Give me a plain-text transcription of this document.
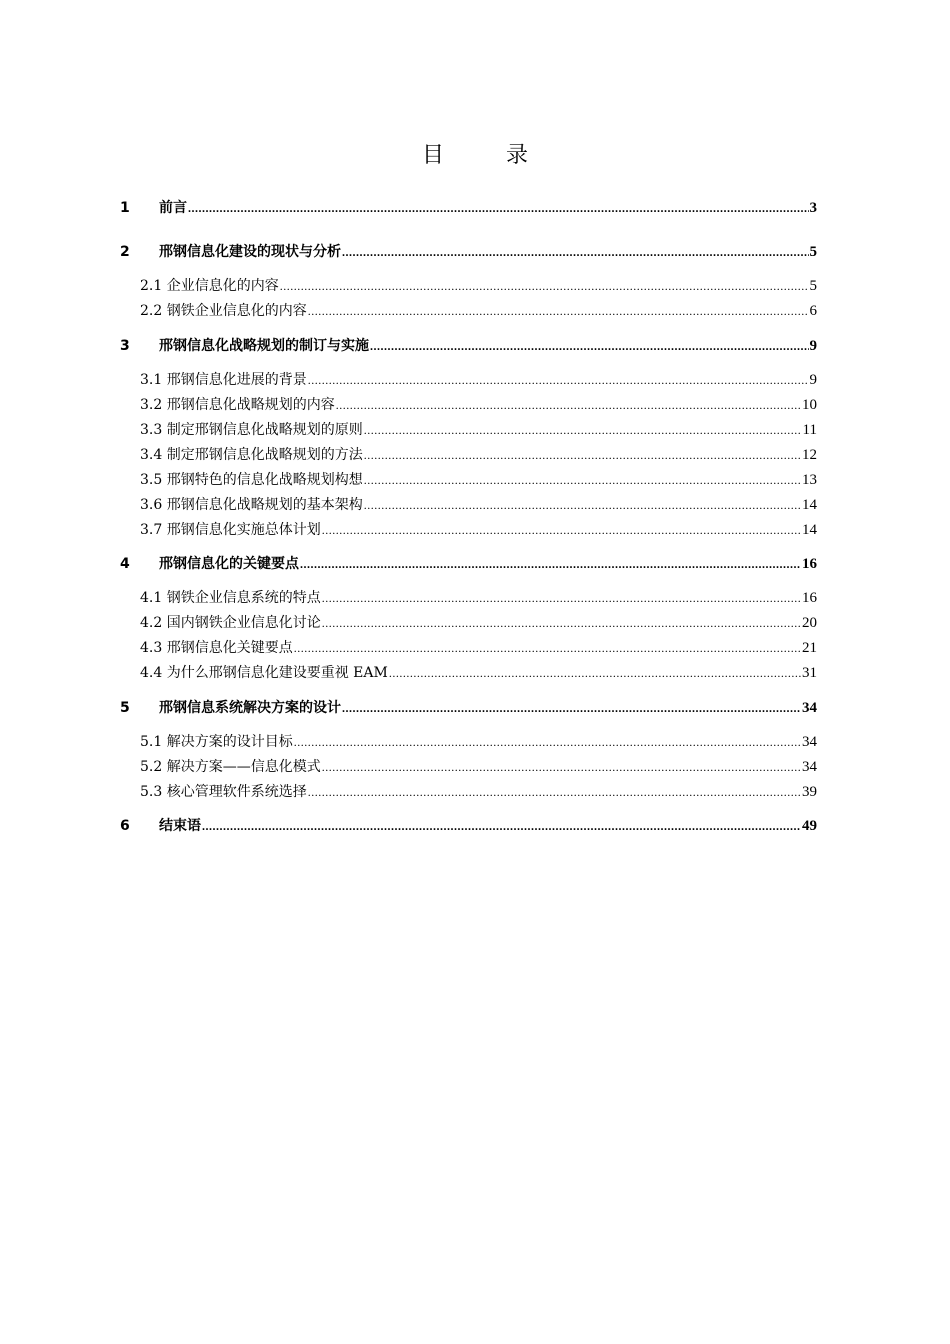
目　录
1	前言 .....	3
2	邢钢信息化建设的现状与分析 .....	5
2.1 企业信息化的内容 .....	5
2.2 钢铁企业信息化的内容 .....	6
3	邢钢信息化战略规划的制订与实施 .....	9
3.1 邢钢信息化进展的背景 .....	9
3.2 邢钢信息化战略规划的内容 .....	10
3.3 制定邢钢信息化战略规划的原则 .....	11
3.4 制定邢钢信息化战略规划的方法 .....	12
3.5 邢钢特色的信息化战略规划构想 .....	13
3.6 邢钢信息化战略规划的基本架构 .....	14
3.7 邢钢信息化实施总体计划 .....	14
4	邢钢信息化的关键要点 .....	16
4.1 钢铁企业信息系统的特点 .....	16
4.2 国内钢铁企业信息化讨论 .....	20
4.3 邢钢信息化关键要点 .....	21
4.4 为什么邢钢信息化建设要重视 EAM .....	31
5	邢钢信息系统解决方案的设计 .....	34
5.1 解决方案的设计目标 .....	34
5.2 解决方案——信息化模式 .....	34
5.3 核心管理软件系统选择 .....	39
6	结束语 .....	49
